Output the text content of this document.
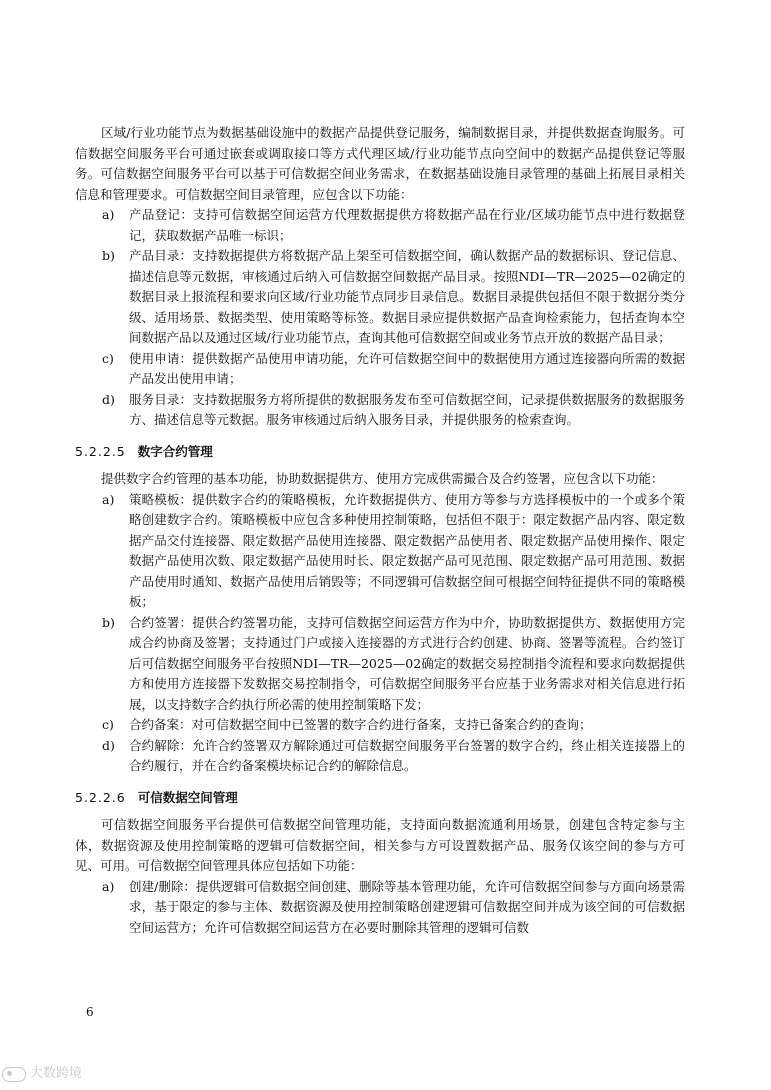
区域/行业功能节点为数据基础设施中的数据产品提供登记服务，编制数据目录，并提供数据查询服务。可信数据空间服务平台可通过嵌套或调取接口等方式代理区域/行业功能节点向空间中的数据产品提供登记等服务。可信数据空间服务平台可以基于可信数据空间业务需求，在数据基础设施目录管理的基础上拓展目录相关信息和管理要求。可信数据空间目录管理，应包含以下功能：

a)	产品登记：支持可信数据空间运营方代理数据提供方将数据产品在行业/区域功能节点中进行数据登记，获取数据产品唯一标识；
b)	产品目录：支持数据提供方将数据产品上架至可信数据空间，确认数据产品的数据标识、登记信息、描述信息等元数据，审核通过后纳入可信数据空间数据产品目录。按照NDI—TR—2025—02确定的数据目录上报流程和要求向区域/行业功能节点同步目录信息。数据目录提供包括但不限于数据分类分级、适用场景、数据类型、使用策略等标签。数据目录应提供数据产品查询检索能力，包括查询本空间数据产品以及通过区域/行业功能节点，查询其他可信数据空间或业务节点开放的数据产品目录；
c)	使用申请：提供数据产品使用申请功能，允许可信数据空间中的数据使用方通过连接器向所需的数据产品发出使用申请；
d)	服务目录：支持数据服务方将所提供的数据服务发布至可信数据空间，记录提供数据服务的数据服务方、描述信息等元数据。服务审核通过后纳入服务目录，并提供服务的检索查询。
5.2.2.5 数字合约管理

提供数字合约管理的基本功能，协助数据提供方、使用方完成供需撮合及合约签署，应包含以下功能：

a)	策略模板：提供数字合约的策略模板，允许数据提供方、使用方等参与方选择模板中的一个或多个策略创建数字合约。策略模板中应包含多种使用控制策略，包括但不限于：限定数据产品内容、限定数据产品交付连接器、限定数据产品使用连接器、限定数据产品使用者、限定数据产品使用操作、限定数据产品使用次数、限定数据产品使用时长、限定数据产品可见范围、限定数据产品可用范围、数据产品使用时通知、数据产品使用后销毁等；不同逻辑可信数据空间可根据空间特征提供不同的策略模板；
b)	合约签署：提供合约签署功能，支持可信数据空间运营方作为中介，协助数据提供方、数据使用方完成合约协商及签署；支持通过门户或接入连接器的方式进行合约创建、协商、签署等流程。合约签订后可信数据空间服务平台按照NDI—TR—2025—02确定的数据交易控制指令流程和要求向数据提供方和使用方连接器下发数据交易控制指令，可信数据空间服务平台应基于业务需求对相关信息进行拓展，以支持数字合约执行所必需的使用控制策略下发；
c)	合约备案：对可信数据空间中已签署的数字合约进行备案，支持已备案合约的查询；
d)	合约解除：允许合约签署双方解除通过可信数据空间服务平台签署的数字合约，终止相关连接器上的合约履行，并在合约备案模块标记合约的解除信息。
5.2.2.6 可信数据空间管理

可信数据空间服务平台提供可信数据空间管理功能，支持面向数据流通利用场景，创建包含特定参与主体，数据资源及使用控制策略的逻辑可信数据空间，相关参与方可设置数据产品、服务仅该空间的参与方可见、可用。可信数据空间管理具体应包括如下功能：

a)	创建/删除：提供逻辑可信数据空间创建、删除等基本管理功能，允许可信数据空间参与方面向场景需求，基于限定的参与主体、数据资源及使用控制策略创建逻辑可信数据空间并成为该空间的可信数据空间运营方；允许可信数据空间运营方在必要时删除其管理的逻辑可信数
6
大数跨境
